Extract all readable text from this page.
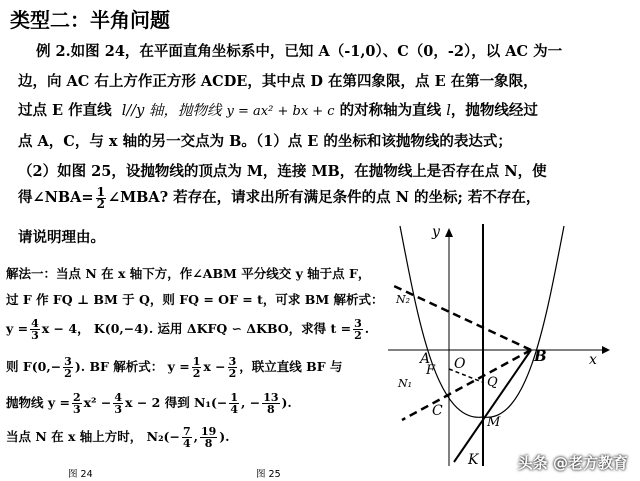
类型二：半角问题
例 2.如图 24，在平面直角坐标系中，已知 A（-1,0）、C（0，-2），以 AC 为一
边，向 AC 右上方作正方形 ACDE，其中点 D 在第四象限，点 E 在第一象限，
过点 E 作直线 l//y 轴，抛物线 y = ax² + bx + c 的对称轴为直线 l，抛物线经过
点 A，C，与 x 轴的另一交点为 B。（1）点 E 的坐标和该抛物线的表达式；
（2）如图 25，设抛物线的顶点为 M，连接 MB，在抛物线上是否存在点 N，使
得∠NBA= $\frac{1}{2}$ ∠MBA? 若存在，请求出所有满足条件的点 N 的坐标; 若不存在，
请说明理由。
解法一：当点 N 在 x 轴下方，作∠ABM 平分线交 y 轴于点 F，
过 F 作 FQ ⊥ BM 于 Q，则 FQ = OF = t，可求 BM 解析式：
$y = \frac{4}{3}$ x − 4， K(0,−4). 运用 ΔKFQ ∽ ΔKBO，求得 $t = \frac{3}{2}$ .
则 $F(0,- \frac{3}{2}$ ). BF 解析式： $y = \frac{1}{2}$ $x - \frac{3}{2}$ ，联立直线 BF 与
抛物线 $y = \frac{2}{3} x^2 - \frac{4}{3}$ x − 2 得到 $N_1(- \frac{1}{4}$ , − $\frac{13}{8}$ ).
当点 N 在 x 轴上方时， $N_2(- \frac{7}{4}$ , $\frac{19}{8}$ ).
图 24	图 25
y
x
O
A	B
C
F
Q
M
K
N₁
N₂
头条 @老方教育
